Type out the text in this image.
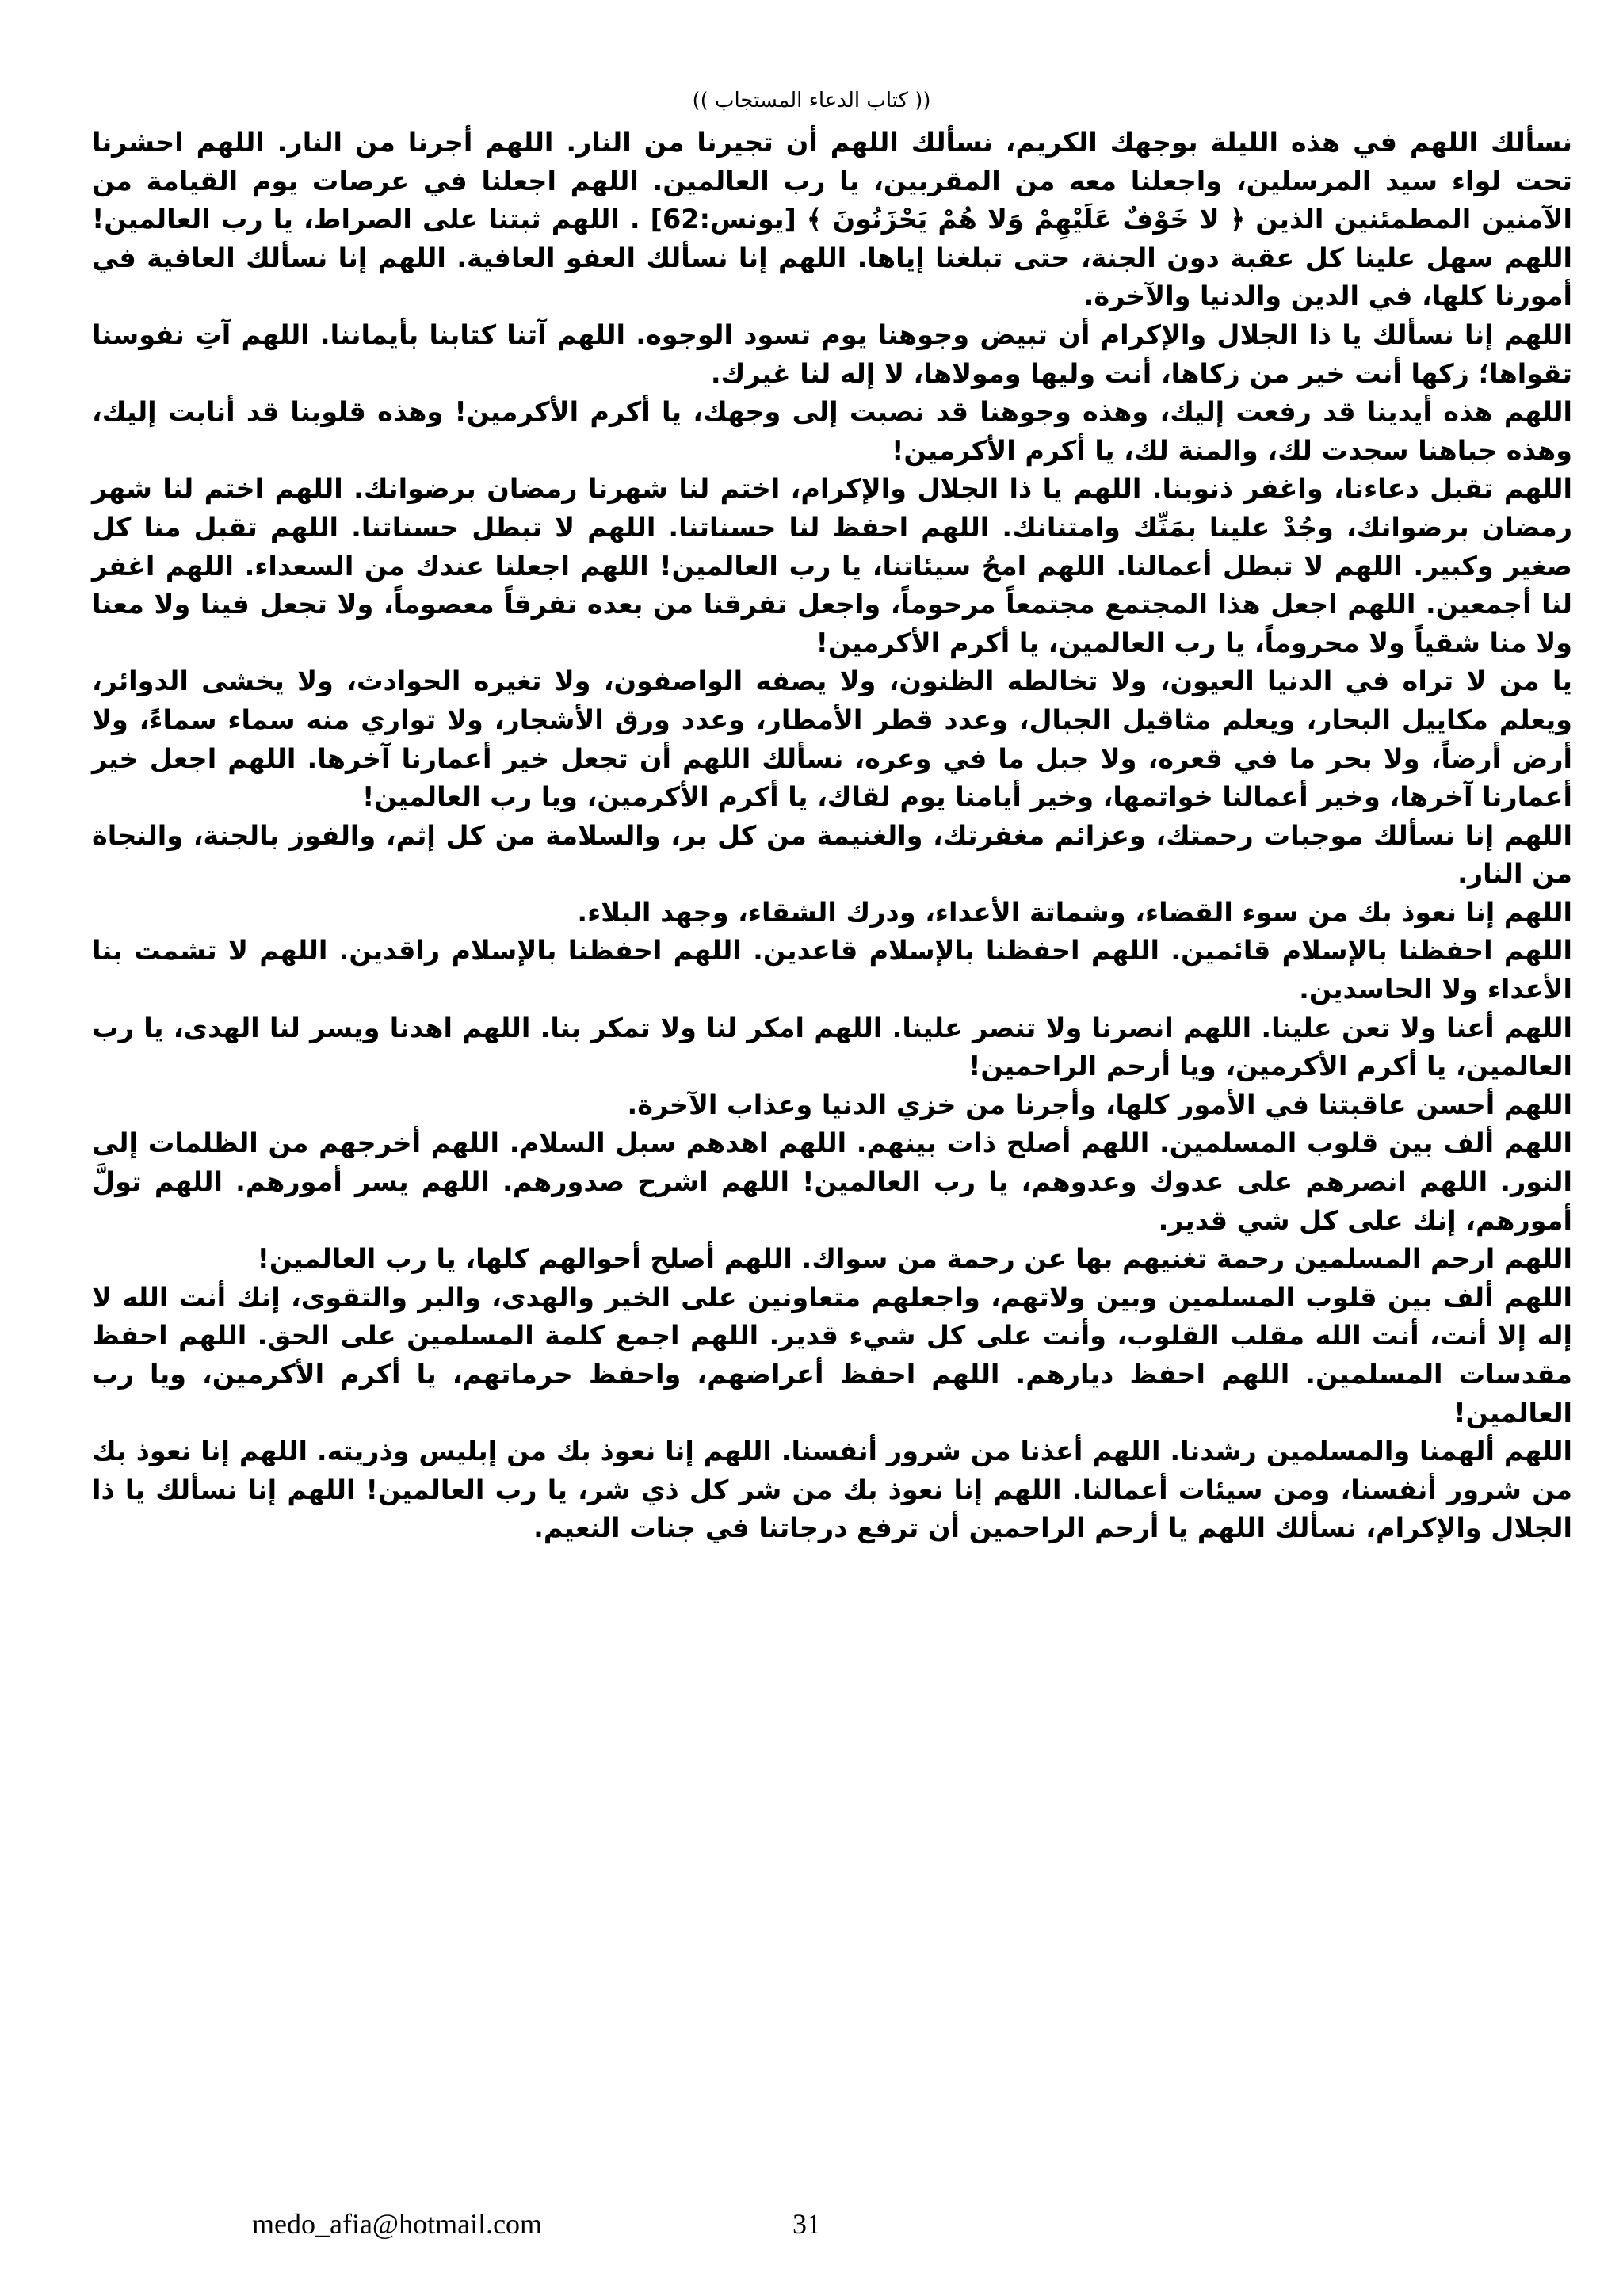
(( كتاب الدعاء المستجاب ))

نسألك اللهم في هذه الليلة بوجهك الكريم، نسألك اللهم أن تجيرنا من النار. اللهم أجرنا من النار. اللهم احشرنا تحت لواء سيد المرسلين، واجعلنا معه من المقربين، يا رب العالمين. اللهم اجعلنا في عرصات يوم القيامة من الآمنين المطمئنين الذين ﴿ لا خَوْفٌ عَلَيْهِمْ وَلا هُمْ يَحْزَنُونَ ﴾ [يونس:62] . اللهم ثبتنا على الصراط، يا رب العالمين! اللهم سهل علينا كل عقبة دون الجنة، حتى تبلغنا إياها. اللهم إنا نسألك العفو العافية. اللهم إنا نسألك العافية في أمورنا كلها، في الدين والدنيا والآخرة.

اللهم إنا نسألك يا ذا الجلال والإكرام أن تبيض وجوهنا يوم تسود الوجوه. اللهم آتنا كتابنا بأيماننا. اللهم آتِ نفوسنا تقواها؛ زكها أنت خير من زكاها، أنت وليها ومولاها، لا إله لنا غيرك.

اللهم هذه أيدينا قد رفعت إليك، وهذه وجوهنا قد نصبت إلى وجهك، يا أكرم الأكرمين! وهذه قلوبنا قد أنابت إليك، وهذه جباهنا سجدت لك، والمنة لك، يا أكرم الأكرمين!

اللهم تقبل دعاءنا، واغفر ذنوبنا. اللهم يا ذا الجلال والإكرام، اختم لنا شهرنا رمضان برضوانك. اللهم اختم لنا شهر رمضان برضوانك، وجُدْ علينا بمَنِّك وامتنانك. اللهم احفظ لنا حسناتنا. اللهم لا تبطل حسناتنا. اللهم تقبل منا كل صغير وكبير. اللهم لا تبطل أعمالنا. اللهم امحُ سيئاتنا، يا رب العالمين! اللهم اجعلنا عندك من السعداء. اللهم اغفر لنا أجمعين. اللهم اجعل هذا المجتمع مجتمعاً مرحوماً، واجعل تفرقنا من بعده تفرقاً معصوماً، ولا تجعل فينا ولا معنا ولا منا شقياً ولا محروماً، يا رب العالمين، يا أكرم الأكرمين!

يا من لا تراه في الدنيا العيون، ولا تخالطه الظنون، ولا يصفه الواصفون، ولا تغيره الحوادث، ولا يخشى الدوائر، ويعلم مكاييل البحار، ويعلم مثاقيل الجبال، وعدد قطر الأمطار، وعدد ورق الأشجار، ولا تواري منه سماء سماءً، ولا أرض أرضاً، ولا بحر ما في قعره، ولا جبل ما في وعره، نسألك اللهم أن تجعل خير أعمارنا آخرها. اللهم اجعل خير أعمارنا آخرها، وخير أعمالنا خواتمها، وخير أيامنا يوم لقاك، يا أكرم الأكرمين، ويا رب العالمين!

اللهم إنا نسألك موجبات رحمتك، وعزائم مغفرتك، والغنيمة من كل بر، والسلامة من كل إثم، والفوز بالجنة، والنجاة من النار.

اللهم إنا نعوذ بك من سوء القضاء، وشماتة الأعداء، ودرك الشقاء، وجهد البلاء.

اللهم احفظنا بالإسلام قائمين. اللهم احفظنا بالإسلام قاعدين. اللهم احفظنا بالإسلام راقدين. اللهم لا تشمت بنا الأعداء ولا الحاسدين.

اللهم أعنا ولا تعن علينا. اللهم انصرنا ولا تنصر علينا. اللهم امكر لنا ولا تمكر بنا. اللهم اهدنا ويسر لنا الهدى، يا رب العالمين، يا أكرم الأكرمين، ويا أرحم الراحمين!

اللهم أحسن عاقبتنا في الأمور كلها، وأجرنا من خزي الدنيا وعذاب الآخرة.

اللهم ألف بين قلوب المسلمين. اللهم أصلح ذات بينهم. اللهم اهدهم سبل السلام. اللهم أخرجهم من الظلمات إلى النور. اللهم انصرهم على عدوك وعدوهم، يا رب العالمين! اللهم اشرح صدورهم. اللهم يسر أمورهم. اللهم تولَّ أمورهم، إنك على كل شي قدير.

اللهم ارحم المسلمين رحمة تغنيهم بها عن رحمة من سواك. اللهم أصلح أحوالهم كلها، يا رب العالمين!

اللهم ألف بين قلوب المسلمين وبين ولاتهم، واجعلهم متعاونين على الخير والهدى، والبر والتقوى، إنك أنت الله لا إله إلا أنت، أنت الله مقلب القلوب، وأنت على كل شيء قدير. اللهم اجمع كلمة المسلمين على الحق. اللهم احفظ مقدسات المسلمين. اللهم احفظ ديارهم. اللهم احفظ أعراضهم، واحفظ حرماتهم، يا أكرم الأكرمين، ويا رب العالمين!

اللهم ألهمنا والمسلمين رشدنا. اللهم أعذنا من شرور أنفسنا. اللهم إنا نعوذ بك من إبليس وذريته. اللهم إنا نعوذ بك من شرور أنفسنا، ومن سيئات أعمالنا. اللهم إنا نعوذ بك من شر كل ذي شر، يا رب العالمين! اللهم إنا نسألك يا ذا الجلال والإكرام، نسألك اللهم يا أرحم الراحمين أن ترفع درجاتنا في جنات النعيم.

medo_afia@hotmail.com	31
